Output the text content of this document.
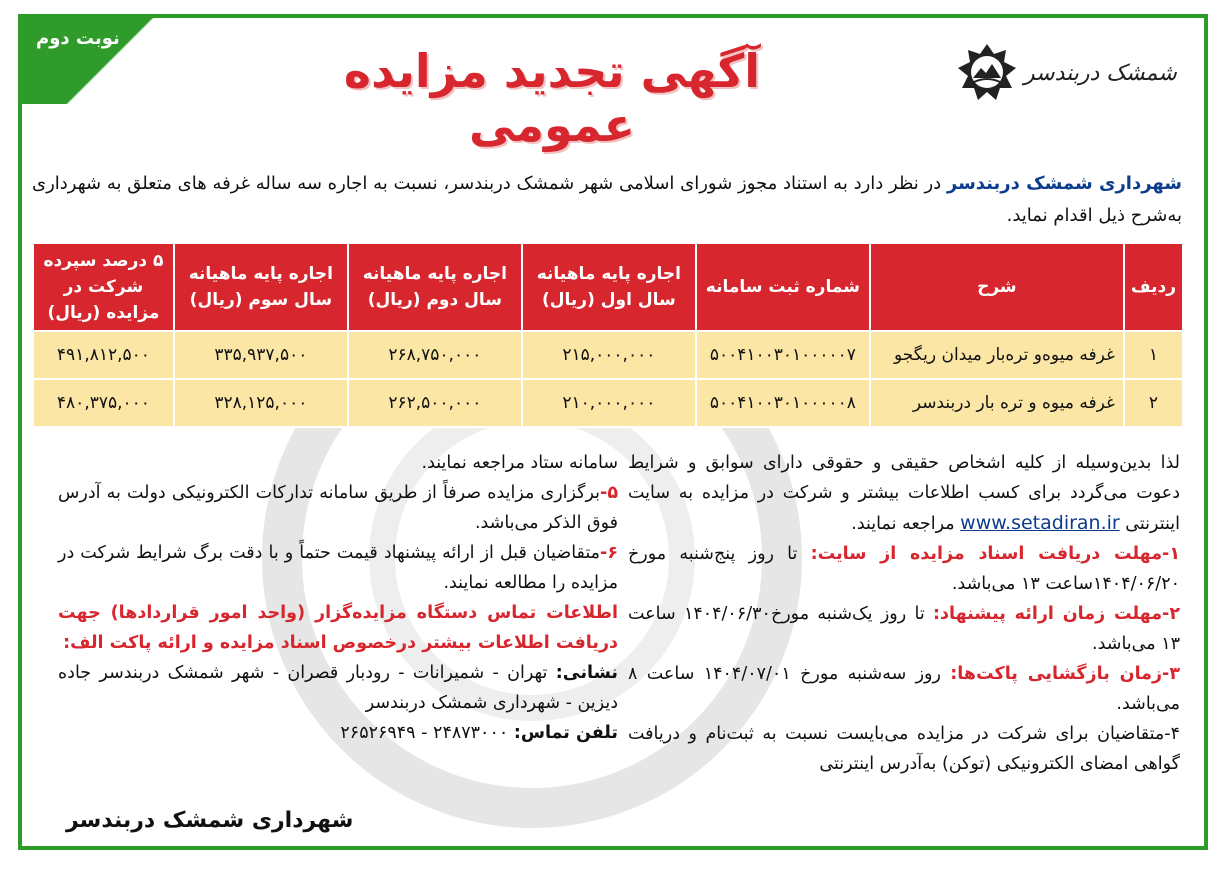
نوبت دوم
شمشک دربندسر
آگهی تجدید مزایده عمومی

شهرداری شمشک دربندسر در نظر دارد به استناد مجوز شورای اسلامی شهر شمشک دربندسر، نسبت به اجاره سه ساله غرفه های متعلق به شهرداری به‌شرح ذیل اقدام نماید.

ردیف	شرح	شماره ثبت سامانه	اجاره پایه ماهیانه سال اول (ریال)	اجاره پایه ماهیانه سال دوم (ریال)	اجاره پایه ماهیانه سال سوم (ریال)	۵ درصد سپرده شرکت در مزایده (ریال)
۱	غرفه میوه‌و تره‌بار میدان ریگجو	۵۰۰۴۱۰۰۳۰۱۰۰۰۰۰۷	۲۱۵,۰۰۰,۰۰۰	۲۶۸,۷۵۰,۰۰۰	۳۳۵,۹۳۷,۵۰۰	۴۹۱,۸۱۲,۵۰۰
۲	غرفه میوه و تره بار دربندسر	۵۰۰۴۱۰۰۳۰۱۰۰۰۰۰۸	۲۱۰,۰۰۰,۰۰۰	۲۶۲,۵۰۰,۰۰۰	۳۲۸,۱۲۵,۰۰۰	۴۸۰,۳۷۵,۰۰۰

لذا بدین‌وسیله از کلیه اشخاص حقیقی و حقوقی دارای سوابق و شرایط دعوت می‌گردد برای کسب اطلاعات بیشتر و شرکت در مزایده به سایت اینترنتی www.setadiran.ir مراجعه نمایند.

۱-مهلت دریافت اسناد مزایده از سایت: تا روز پنج‌شنبه مورخ ۱۴۰۴/۰۶/۲۰ساعت ۱۳ می‌باشد.

۲-مهلت زمان ارائه پیشنهاد: تا روز یک‌شنبه مورخ۱۴۰۴/۰۶/۳۰ ساعت ۱۳ می‌باشد.

۳-زمان بازگشایی پاکت‌ها: روز سه‌شنبه مورخ ۱۴۰۴/۰۷/۰۱ ساعت ۸ می‌باشد.

۴-متقاضیان برای شرکت در مزایده می‌بایست نسبت به ثبت‌نام و دریافت گواهی امضای الکترونیکی (توکن) به‌آدرس اینترنتی

سامانه ستاد مراجعه نمایند.

۵-برگزاری مزایده صرفاً از طریق سامانه تدارکات الکترونیکی دولت به آدرس فوق الذکر می‌باشد.

۶-متقاضیان قبل از ارائه پیشنهاد قیمت حتماً و با دقت برگ شرایط شرکت در مزایده را مطالعه نمایند.

اطلاعات تماس دستگاه مزایده‌گزار (واحد امور قراردادها) جهت دریافت اطلاعات بیشتر درخصوص اسناد مزایده و ارائه پاکت الف:

نشانی: تهران - شمیرانات - رودبار قصران - شهر شمشک دربندسر جاده دیزین - شهرداری شمشک دربندسر

تلفن تماس: ۲۴۸۷۳۰۰۰ - ۲۶۵۲۶۹۴۹

شهرداری شمشک دربندسر
